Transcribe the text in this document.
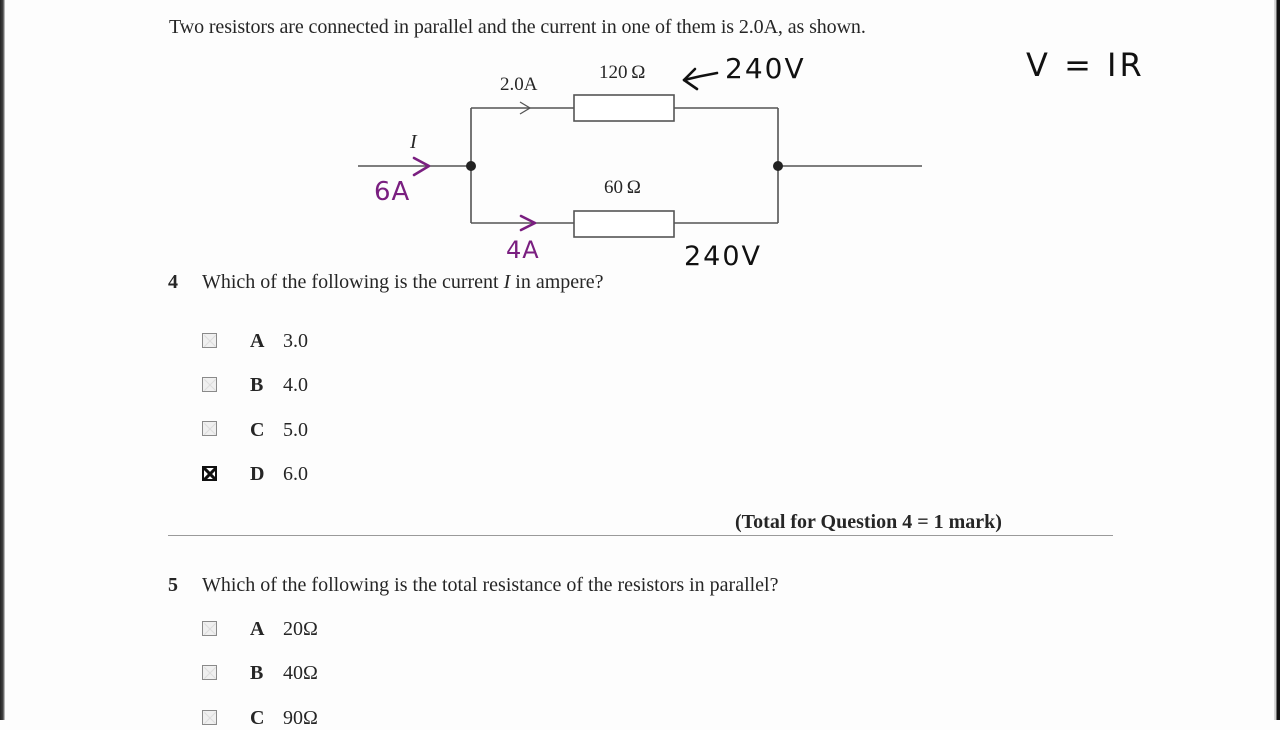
Two resistors are connected in parallel and the current in one of them is 2.0A, as shown.
2.0A
120 Ω
60 Ω
I
240V	V = IR
6A
4A	240V
4 Which of the following is the current I in ampere?
A 3.0
B 4.0
C 5.0
D 6.0
(Total for Question 4 = 1 mark)
5 Which of the following is the total resistance of the resistors in parallel?
A 20Ω
B 40Ω
C 90Ω
